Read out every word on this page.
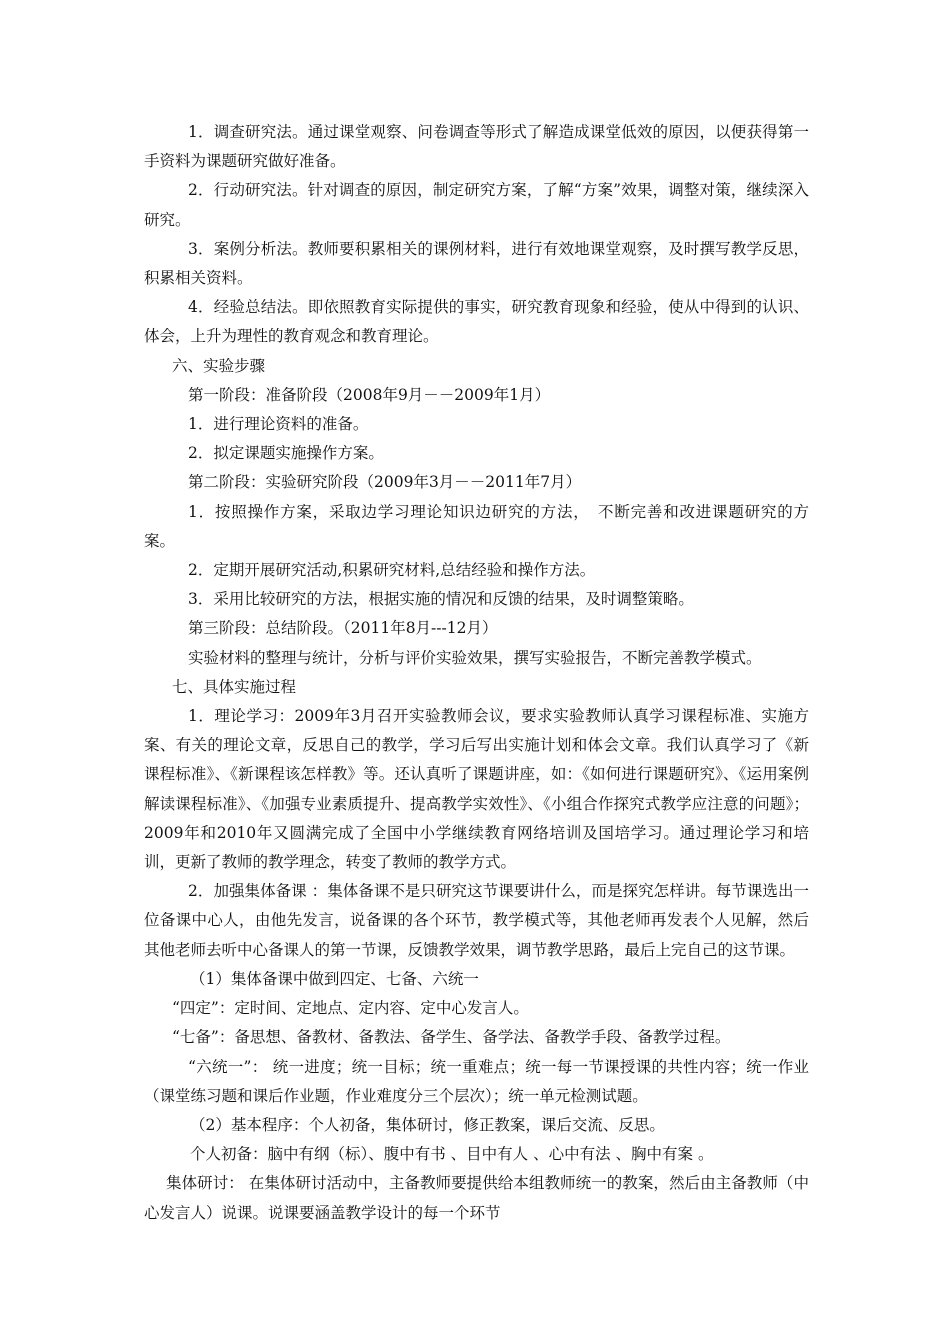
1．调查研究法。通过课堂观察、问卷调查等形式了解造成课堂低效的原因，以便获得第一手资料为课题研究做好准备。

2．行动研究法。针对调查的原因，制定研究方案，了解“方案”效果，调整对策，继续深入研究。

3．案例分析法。教师要积累相关的课例材料，进行有效地课堂观察，及时撰写教学反思，积累相关资料。

4．经验总结法。即依照教育实际提供的事实，研究教育现象和经验，使从中得到的认识、体会，上升为理性的教育观念和教育理论。

六、实验步骤

第一阶段：准备阶段（2008年9月－－2009年1月）

1．进行理论资料的准备。

2．拟定课题实施操作方案。

第二阶段：实验研究阶段（2009年3月－－2011年7月）

1．按照操作方案，采取边学习理论知识边研究的方法，　不断完善和改进课题研究的方案。

2．定期开展研究活动,积累研究材料,总结经验和操作方法。

3．采用比较研究的方法，根据实施的情况和反馈的结果，及时调整策略。

第三阶段：总结阶段。（2011年8月---12月）

实验材料的整理与统计，分析与评价实验效果，撰写实验报告，不断完善教学模式。

七、具体实施过程

1．理论学习：2009年3月召开实验教师会议，要求实验教师认真学习课程标准、实施方案、有关的理论文章，反思自己的教学，学习后写出实施计划和体会文章。我们认真学习了《新课程标准》、《新课程该怎样教》等。还认真听了课题讲座，如：《如何进行课题研究》、《运用案例解读课程标准》、《加强专业素质提升、提高教学实效性》、《小组合作探究式教学应注意的问题》；2009年和2010年又圆满完成了全国中小学继续教育网络培训及国培学习。通过理论学习和培训，更新了教师的教学理念，转变了教师的教学方式。

2．加强集体备课 ：集体备课不是只研究这节课要讲什么，而是探究怎样讲。每节课选出一位备课中心人，由他先发言，说备课的各个环节，教学模式等，其他老师再发表个人见解，然后其他老师去听中心备课人的第一节课，反馈教学效果，调节教学思路，最后上完自己的这节课。

（1）集体备课中做到四定、七备、六统一

“四定”：定时间、定地点、定内容、定中心发言人。

“七备”：备思想、备教材、备教法、备学生、备学法、备教学手段、备教学过程。

“六统一”： 统一进度；统一目标；统一重难点；统一每一节课授课的共性内容；统一作业（课堂练习题和课后作业题，作业难度分三个层次）；统一单元检测试题。

（2）基本程序：个人初备，集体研讨，修正教案，课后交流、反思。

个人初备：脑中有纲（标）、腹中有书 、目中有人 、心中有法 、胸中有案 。

集体研讨： 在集体研讨活动中，主备教师要提供给本组教师统一的教案，然后由主备教师（中心发言人）说课。说课要涵盖教学设计的每一个环节
